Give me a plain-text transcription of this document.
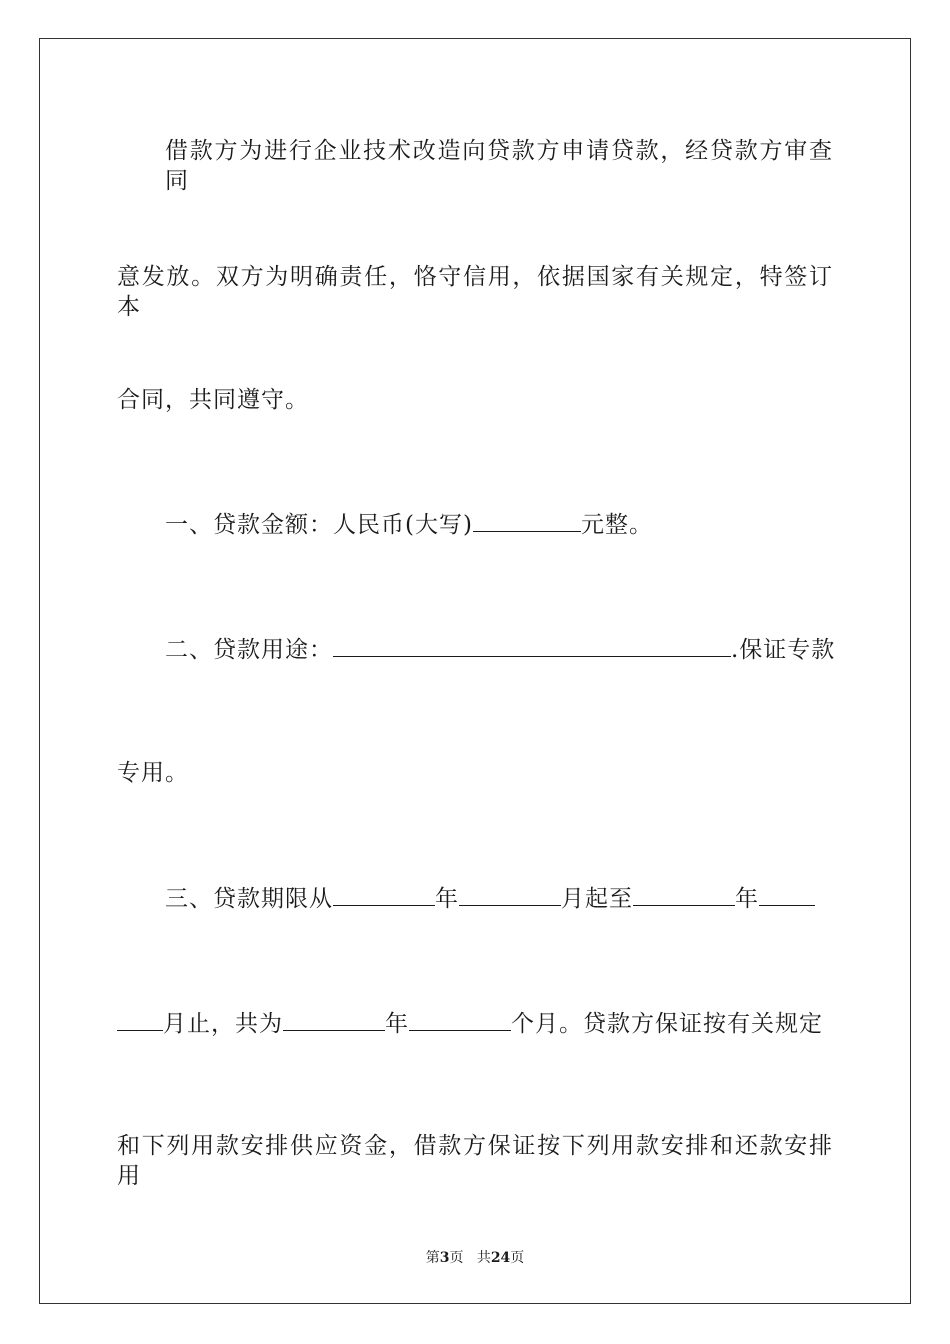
借款方为进行企业技术改造向贷款方申请贷款，经贷款方审查同
意发放。双方为明确责任，恪守信用，依据国家有关规定，特签订本
合同，共同遵守。
一、贷款金额：人民币(大写)	元整。
二、贷款用途：	.保证专款
专用。
三、贷款期限从	年	月起至	年
月止，共为	年	个月。贷款方保证按有关规定
和下列用款安排供应资金，借款方保证按下列用款安排和还款安排用
第3页 共24页
